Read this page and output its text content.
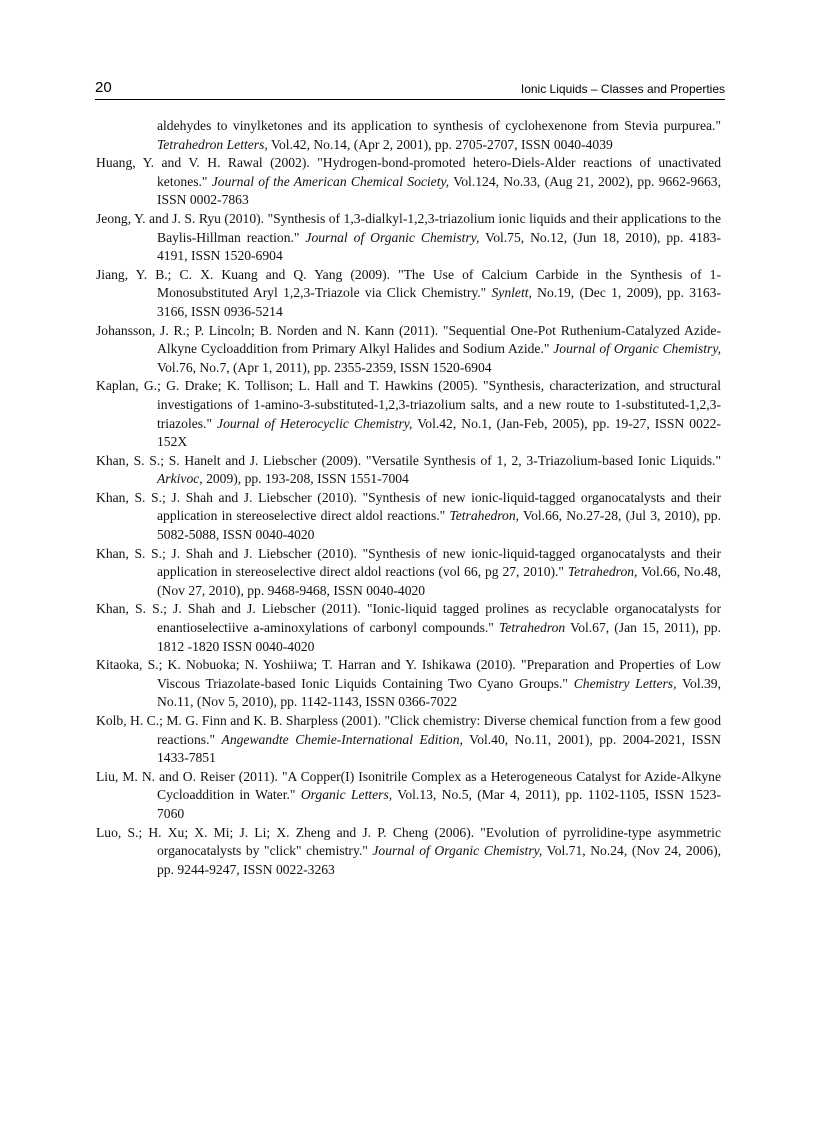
20	Ionic Liquids – Classes and Properties

aldehydes to vinylketones and its application to synthesis of cyclohexenone from Stevia purpurea." Tetrahedron Letters, Vol.42, No.14, (Apr 2, 2001), pp. 2705-2707, ISSN 0040-4039

Huang, Y. and V. H. Rawal (2002). "Hydrogen-bond-promoted hetero-Diels-Alder reactions of unactivated ketones." Journal of the American Chemical Society, Vol.124, No.33, (Aug 21, 2002), pp. 9662-9663, ISSN 0002-7863

Jeong, Y. and J. S. Ryu (2010). "Synthesis of 1,3-dialkyl-1,2,3-triazolium ionic liquids and their applications to the Baylis-Hillman reaction." Journal of Organic Chemistry, Vol.75, No.12, (Jun 18, 2010), pp. 4183-4191, ISSN 1520-6904

Jiang, Y. B.; C. X. Kuang and Q. Yang (2009). "The Use of Calcium Carbide in the Synthesis of 1-Monosubstituted Aryl 1,2,3-Triazole via Click Chemistry." Synlett, No.19, (Dec 1, 2009), pp. 3163-3166, ISSN 0936-5214

Johansson, J. R.; P. Lincoln; B. Norden and N. Kann (2011). "Sequential One-Pot Ruthenium-Catalyzed Azide-Alkyne Cycloaddition from Primary Alkyl Halides and Sodium Azide." Journal of Organic Chemistry, Vol.76, No.7, (Apr 1, 2011), pp. 2355-2359, ISSN 1520-6904

Kaplan, G.; G. Drake; K. Tollison; L. Hall and T. Hawkins (2005). "Synthesis, characterization, and structural investigations of 1-amino-3-substituted-1,2,3-triazolium salts, and a new route to 1-substituted-1,2,3-triazoles." Journal of Heterocyclic Chemistry, Vol.42, No.1, (Jan-Feb, 2005), pp. 19-27, ISSN 0022-152X

Khan, S. S.; S. Hanelt and J. Liebscher (2009). "Versatile Synthesis of 1, 2, 3-Triazolium-based Ionic Liquids." Arkivoc, 2009), pp. 193-208, ISSN 1551-7004

Khan, S. S.; J. Shah and J. Liebscher (2010). "Synthesis of new ionic-liquid-tagged organocatalysts and their application in stereoselective direct aldol reactions." Tetrahedron, Vol.66, No.27-28, (Jul 3, 2010), pp. 5082-5088, ISSN 0040-4020

Khan, S. S.; J. Shah and J. Liebscher (2010). "Synthesis of new ionic-liquid-tagged organocatalysts and their application in stereoselective direct aldol reactions (vol 66, pg 27, 2010)." Tetrahedron, Vol.66, No.48, (Nov 27, 2010), pp. 9468-9468, ISSN 0040-4020

Khan, S. S.; J. Shah and J. Liebscher (2011). "Ionic-liquid tagged prolines as recyclable organocatalysts for enantioselectiive a-aminoxylations of carbonyl compounds." Tetrahedron Vol.67, (Jan 15, 2011), pp. 1812 -1820 ISSN 0040-4020

Kitaoka, S.; K. Nobuoka; N. Yoshiiwa; T. Harran and Y. Ishikawa (2010). "Preparation and Properties of Low Viscous Triazolate-based Ionic Liquids Containing Two Cyano Groups." Chemistry Letters, Vol.39, No.11, (Nov 5, 2010), pp. 1142-1143, ISSN 0366-7022

Kolb, H. C.; M. G. Finn and K. B. Sharpless (2001). "Click chemistry: Diverse chemical function from a few good reactions." Angewandte Chemie-International Edition, Vol.40, No.11, 2001), pp. 2004-2021, ISSN 1433-7851

Liu, M. N. and O. Reiser (2011). "A Copper(I) Isonitrile Complex as a Heterogeneous Catalyst for Azide-Alkyne Cycloaddition in Water." Organic Letters, Vol.13, No.5, (Mar 4, 2011), pp. 1102-1105, ISSN 1523-7060

Luo, S.; H. Xu; X. Mi; J. Li; X. Zheng and J. P. Cheng (2006). "Evolution of pyrrolidine-type asymmetric organocatalysts by "click" chemistry." Journal of Organic Chemistry, Vol.71, No.24, (Nov 24, 2006), pp. 9244-9247, ISSN 0022-3263
